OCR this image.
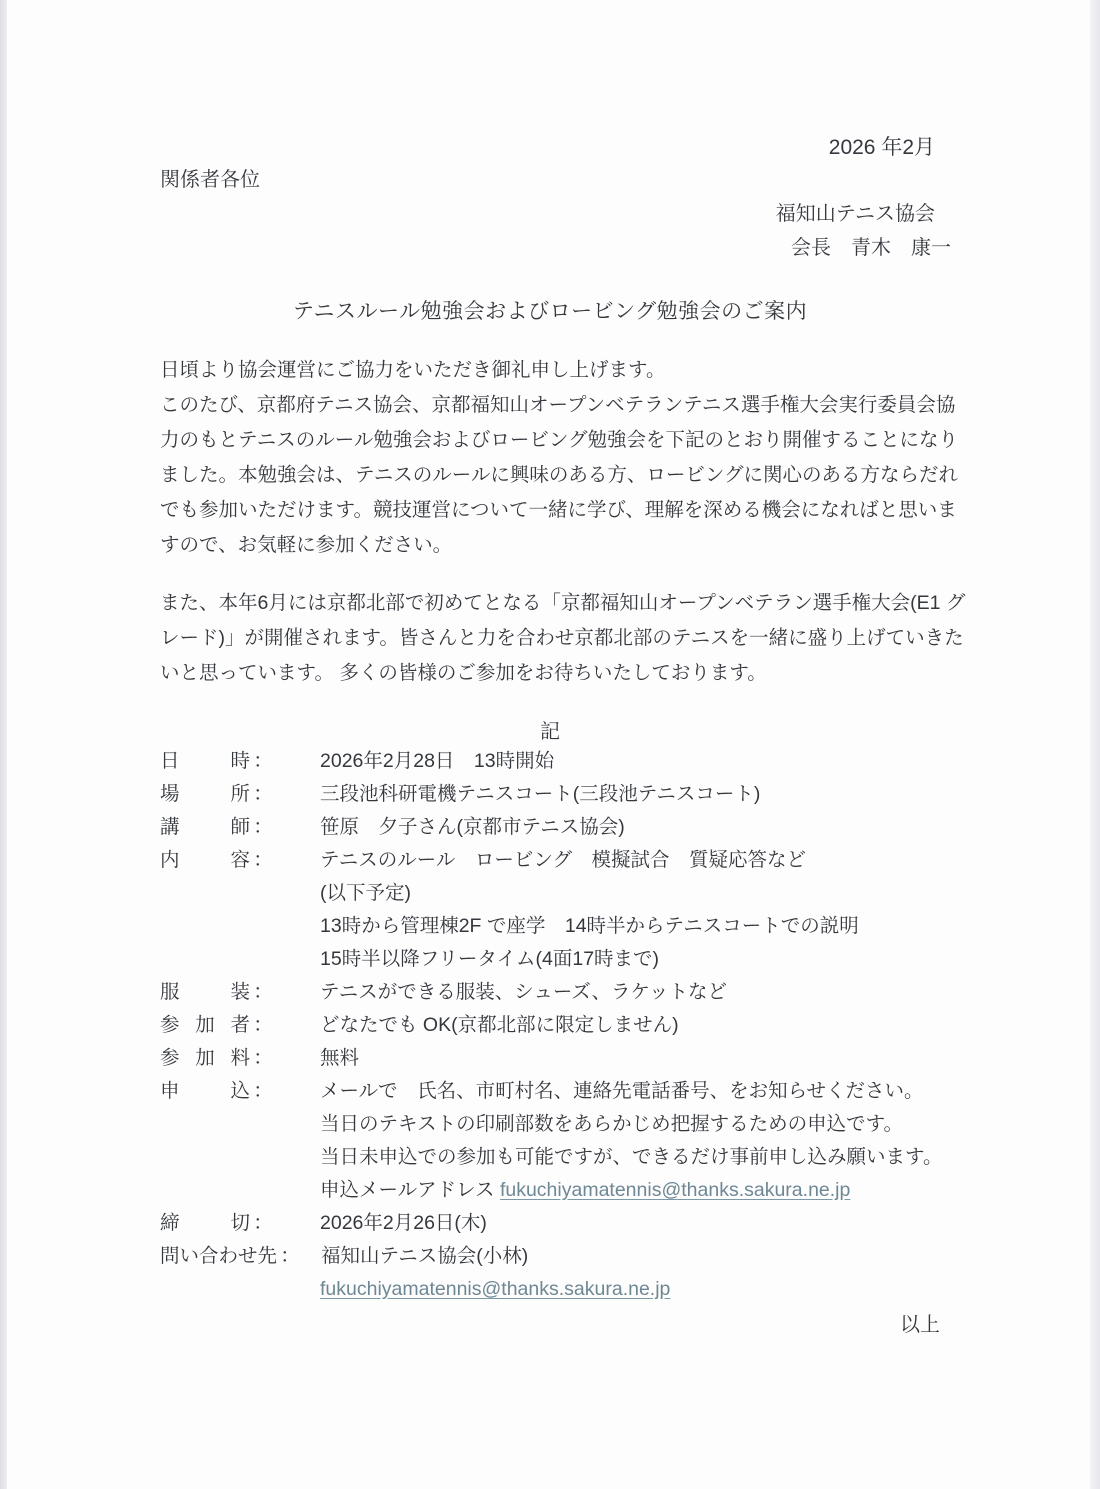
2026 年2月
関係者各位
福知山テニス協会
会長　青木　康一
テニスルール勉強会およびロービング勉強会のご案内

日頃より協会運営にご協力をいただき御礼申し上げます。

このたび、京都府テニス協会、京都福知山オープンベテランテニス選手権大会実行委員会協力のもとテニスのルール勉強会およびロービング勉強会を下記のとおり開催することになりました。本勉強会は、テニスのルールに興味のある方、ロービングに関心のある方ならだれでも参加いただけます。競技運営について一緒に学び、理解を深める機会になればと思いますので、お気軽に参加ください。

また、本年6月には京都北部で初めてとなる「京都福知山オープンベテラン選手権大会(E1 グレード)」が開催されます。皆さんと力を合わせ京都北部のテニスを一緒に盛り上げていきたいと思っています。 多くの皆様のご参加をお待ちいたしております。

記
日時 ：	2026年2月28日　13時開始
場所 ：	三段池科研電機テニスコート(三段池テニスコート)
講師 ：	笹原　夕子さん(京都市テニス協会)
内容 ：	テニスのルール　ロービング　模擬試合　質疑応答など
(以下予定)
13時から管理棟2F で座学　14時半からテニスコートでの説明
15時半以降フリータイム(4面17時まで)
服装 ：	テニスができる服装、シューズ、ラケットなど
参加者 ：	どなたでも OK(京都北部に限定しません)
参加料 ：	無料
申込 ：	メールで　氏名、市町村名、連絡先電話番号、をお知らせください。
当日のテキストの印刷部数をあらかじめ把握するための申込です。
当日未申込での参加も可能ですが、できるだけ事前申し込み願います。
申込メールアドレス fukuchiyamatennis@thanks.sakura.ne.jp
締切 ：	2026年2月26日(木)
問い合わせ先 ：	福知山テニス協会(小林)
fukuchiyamatennis@thanks.sakura.ne.jp
以上
